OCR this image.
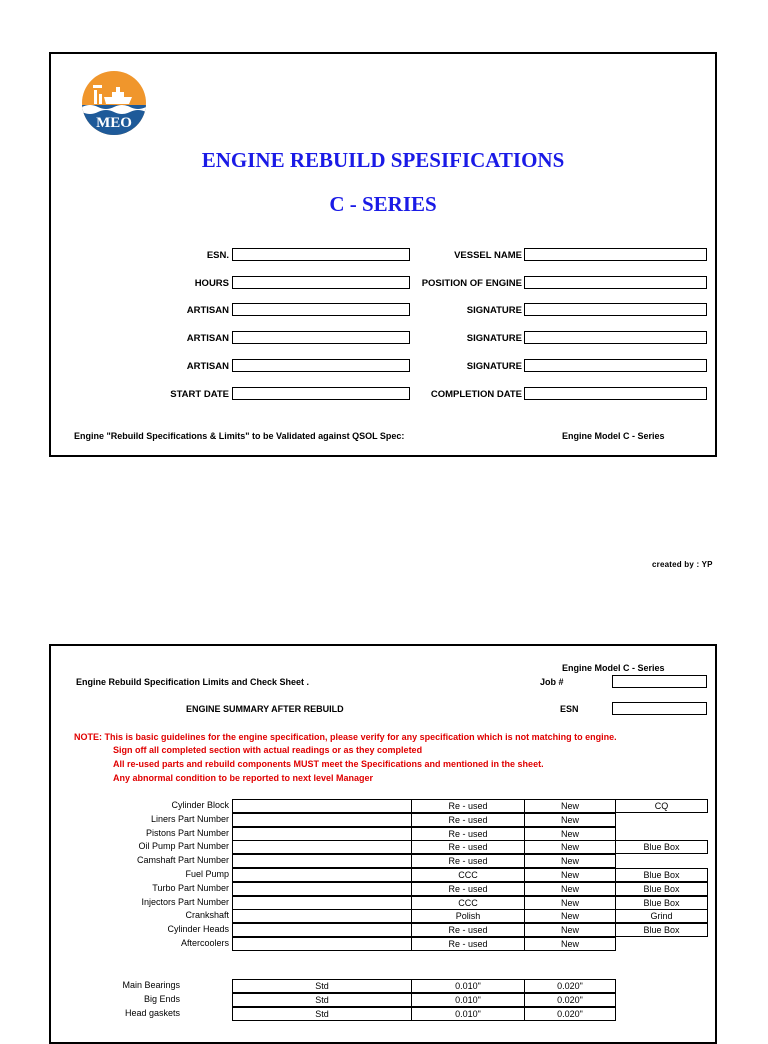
MEO
ENGINE REBUILD SPESIFICATIONS
C - SERIES
ESN.
HOURS
ARTISAN
ARTISAN
ARTISAN
START DATE
VESSEL NAME
POSITION OF ENGINE
SIGNATURE
SIGNATURE
SIGNATURE
COMPLETION DATE
Engine "Rebuild Specifications & Limits" to be Validated against QSOL Spec:	Engine Model C - Series
created by : YP
Engine Model C - Series
Engine Rebuild Specification Limits and Check Sheet .	Job #
ENGINE SUMMARY AFTER REBUILD	ESN
NOTE: This is basic guidelines for the engine specification, please verify for any specification which is not matching to engine.
Sign off all completed section with actual readings or as they completed
All re-used parts and rebuild components MUST meet the Specifications and mentioned in the sheet.
Any abnormal condition to be reported to next level Manager
Cylinder Block	Re - used	New	CQ
Liners Part Number	Re - used	New
Pistons Part Number	Re - used	New
Oil Pump Part Number	Re - used	New	Blue Box
Camshaft Part Number	Re - used	New
Fuel Pump	CCC	New	Blue Box
Turbo Part Number	Re - used	New	Blue Box
Injectors Part Number	CCC	New	Blue Box
Crankshaft	Polish	New	Grind
Cylinder Heads	Re - used	New	Blue Box
Aftercoolers	Re - used	New
Main Bearings	Std	0.010"	0.020"
Big Ends	Std	0.010"	0.020"
Head gaskets	Std	0.010"	0.020"
